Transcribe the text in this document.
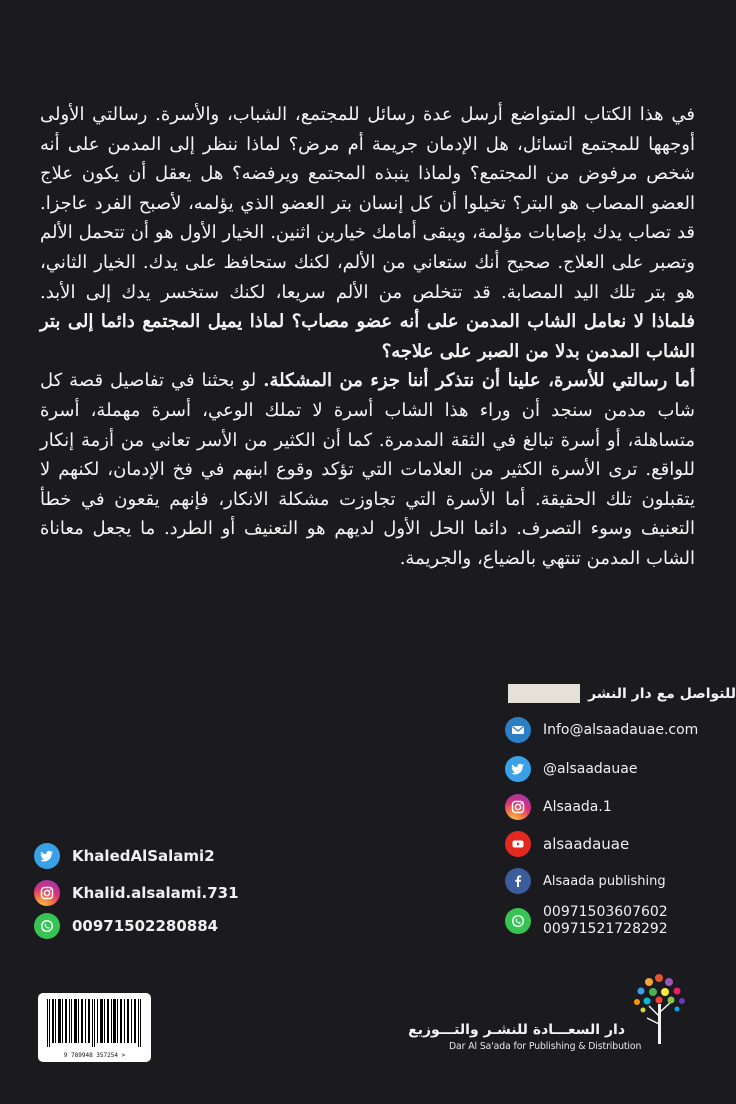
في هذا الكتاب المتواضع أرسل عدة رسائل للمجتمع، الشباب، والأسرة. رسالتي الأولى أوجهها للمجتمع اتسائل، هل الإدمان جريمة أم مرض؟ لماذا ننظر إلى المدمن على أنه شخص مرفوض من المجتمع؟ ولماذا ينبذه المجتمع ويرفضه؟ هل يعقل أن يكون علاج العضو المصاب هو البتر؟ تخيلوا أن كل إنسان بتر العضو الذي يؤلمه، لأصبح الفرد عاجزا. قد تصاب يدك بإصابات مؤلمة، ويبقى أمامك خيارين اثنين. الخيار الأول هو أن تتحمل الألم وتصبر على العلاج. صحيح أنك ستعاني من الألم، لكنك ستحافظ على يدك. الخيار الثاني، هو بتر تلك اليد المصابة. قد تتخلص من الألم سريعا، لكنك ستخسر يدك إلى الأبد.

فلماذا لا نعامل الشاب المدمن على أنه عضو مصاب؟ لماذا يميل المجتمع دائما إلى بتر الشاب المدمن بدلا من الصبر على علاجه؟

أما رسالتي للأسرة، علينا أن نتذكر أننا جزء من المشكلة. لو بحثنا في تفاصيل قصة كل شاب مدمن سنجد أن وراء هذا الشاب أسرة لا تملك الوعي، أسرة مهملة، أسرة متساهلة، أو أسرة تبالغ في الثقة المدمرة. كما أن الكثير من الأسر تعاني من أزمة إنكار للواقع. ترى الأسرة الكثير من العلامات التي تؤكد وقوع ابنهم في فخ الإدمان، لكنهم لا يتقبلون تلك الحقيقة. أما الأسرة التي تجاوزت مشكلة الانكار، فإنهم يقعون في خطأ التعنيف وسوء التصرف. دائما الحل الأول لديهم هو التعنيف أو الطرد. ما يجعل معاناة الشاب المدمن تنتهي بالضياع، والجريمة.

للتواصل مع دار النشر
Info@alsaadauae.com
@alsaadauae
Alsaada.1
alsaadauae
Alsaada publishing
00971503607602
00971521728292
KhaledAlSalami2
Khalid.alsalami.731
00971502280884
9 789948 357254 >
دار السعـــادة للنشـر والتـــوزيع
Dar Al Sa'ada for Publishing & Distribution
